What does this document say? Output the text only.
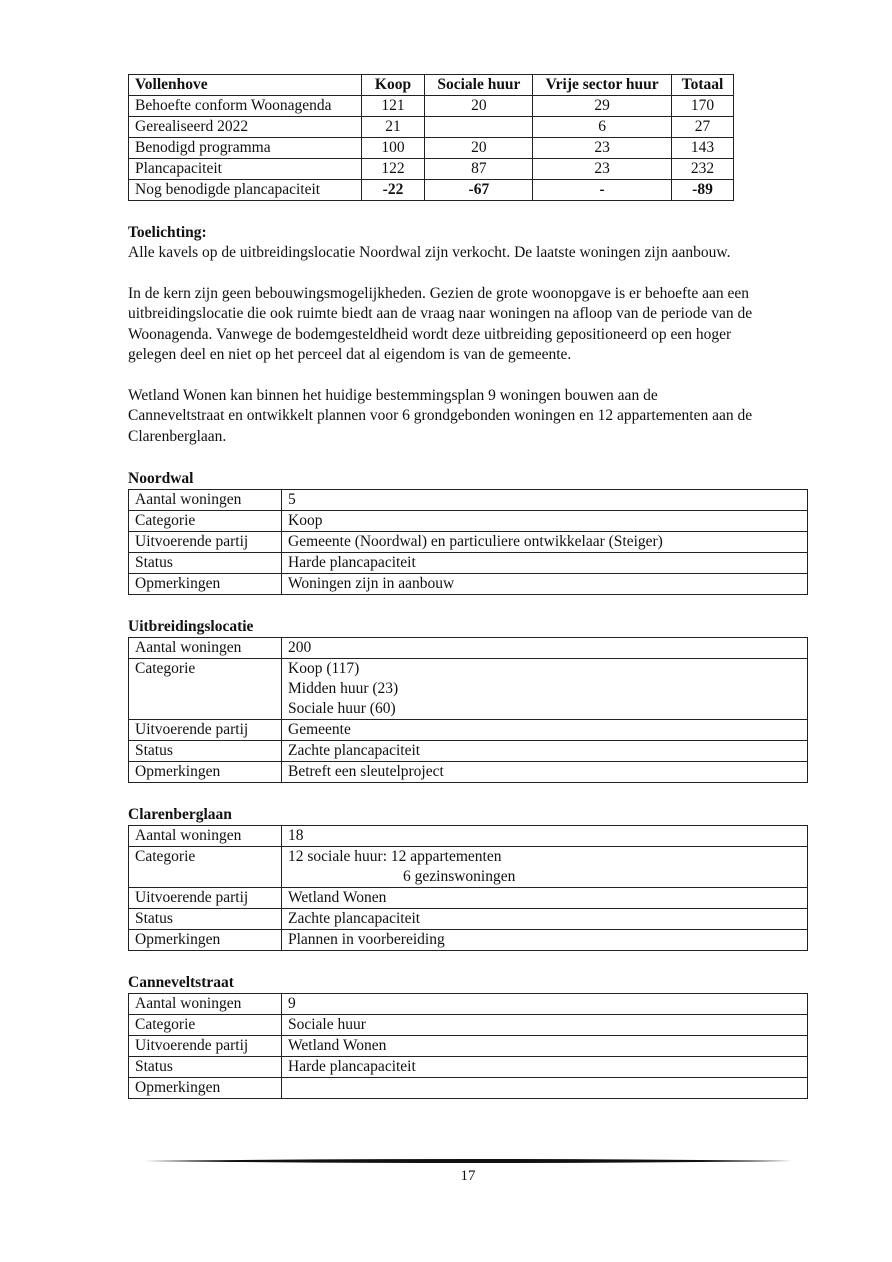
Vollenhove	Koop	Sociale huur	Vrije sector huur	Totaal
Behoefte conform Woonagenda	121	20	29	170
Gerealiseerd 2022	21		6	27
Benodigd programma	100	20	23	143
Plancapaciteit	122	87	23	232
Nog benodigde plancapaciteit	-22	-67	-	-89
Toelichting:

Alle kavels op de uitbreidingslocatie Noordwal zijn verkocht. De laatste woningen zijn aanbouw.

In de kern zijn geen bebouwingsmogelijkheden. Gezien de grote woonopgave is er behoefte aan een

uitbreidingslocatie die ook ruimte biedt aan de vraag naar woningen na afloop van de periode van de

Woonagenda. Vanwege de bodemgesteldheid wordt deze uitbreiding gepositioneerd op een hoger

gelegen deel en niet op het perceel dat al eigendom is van de gemeente.

Wetland Wonen kan binnen het huidige bestemmingsplan 9 woningen bouwen aan de

Canneveltstraat en ontwikkelt plannen voor 6 grondgebonden woningen en 12 appartementen aan de

Clarenberglaan.

Noordwal
Aantal woningen	5
Categorie	Koop
Uitvoerende partij	Gemeente (Noordwal) en particuliere ontwikkelaar (Steiger)
Status	Harde plancapaciteit
Opmerkingen	Woningen zijn in aanbouw
Uitbreidingslocatie
Aantal woningen	200
Categorie	Koop (117)
Midden huur (23)
Sociale huur (60)

Uitvoerende partij	Gemeente
Status	Zachte plancapaciteit
Opmerkingen	Betreft een sleutelproject
Clarenberglaan
Aantal woningen	18
Categorie	12 sociale huur: 12 appartementen
6 gezinswoningen

Uitvoerende partij	Wetland Wonen
Status	Zachte plancapaciteit
Opmerkingen	Plannen in voorbereiding
Canneveltstraat
Aantal woningen	9
Categorie	Sociale huur
Uitvoerende partij	Wetland Wonen
Status	Harde plancapaciteit
Opmerkingen	
17
